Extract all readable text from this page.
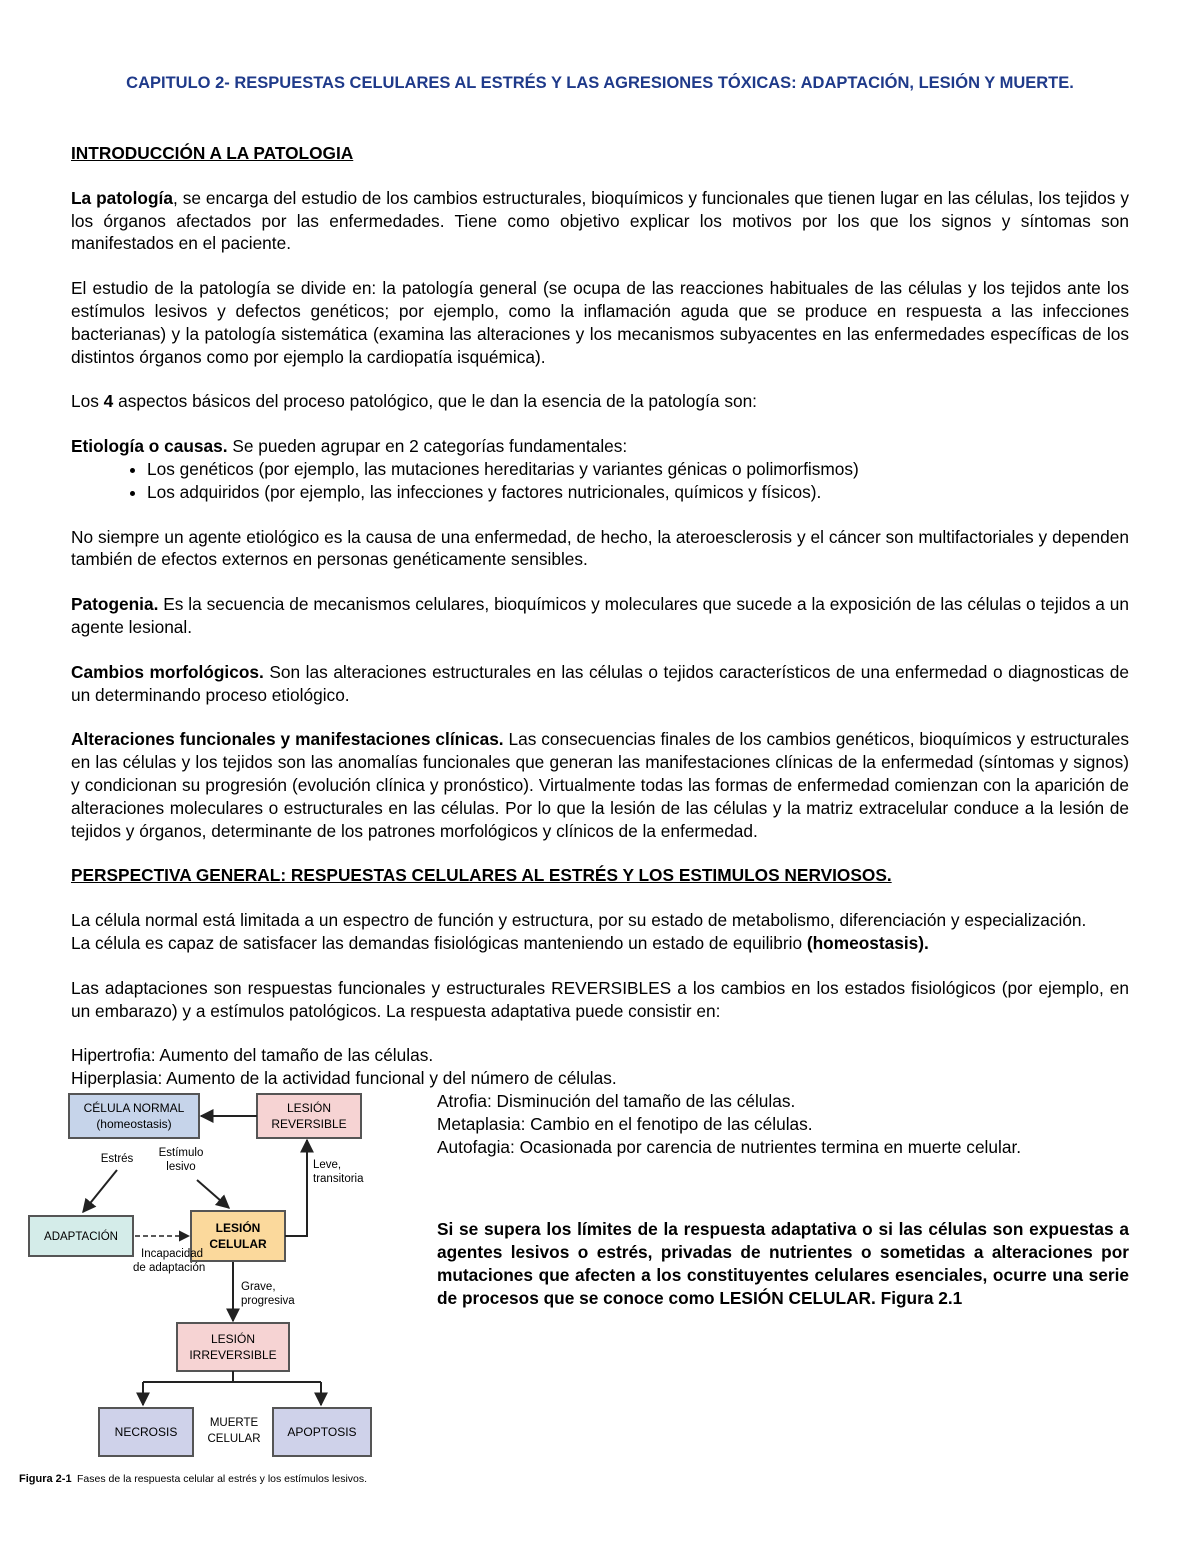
CAPITULO 2- RESPUESTAS CELULARES AL ESTRÉS Y LAS AGRESIONES TÓXICAS: ADAPTACIÓN, LESIÓN Y MUERTE.
INTRODUCCIÓN A LA PATOLOGIA

La patología, se encarga del estudio de los cambios estructurales, bioquímicos y funcionales que tienen lugar en las células, los tejidos y los órganos afectados por las enfermedades. Tiene como objetivo explicar los motivos por los que los signos y síntomas son manifestados en el paciente.

El estudio de la patología se divide en: la patología general (se ocupa de las reacciones habituales de las células y los tejidos ante los estímulos lesivos y defectos genéticos; por ejemplo, como la inflamación aguda que se produce en respuesta a las infecciones bacterianas) y la patología sistemática (examina las alteraciones y los mecanismos subyacentes en las enfermedades específicas de los distintos órganos como por ejemplo la cardiopatía isquémica).

Los 4 aspectos básicos del proceso patológico, que le dan la esencia de la patología son:

Etiología o causas. Se pueden agrupar en 2 categorías fundamentales:

• Los genéticos (por ejemplo, las mutaciones hereditarias y variantes génicas o polimorfismos)
• Los adquiridos (por ejemplo, las infecciones y factores nutricionales, químicos y físicos).

No siempre un agente etiológico es la causa de una enfermedad, de hecho, la ateroesclerosis y el cáncer son multifactoriales y dependen también de efectos externos en personas genéticamente sensibles.

Patogenia. Es la secuencia de mecanismos celulares, bioquímicos y moleculares que sucede a la exposición de las células o tejidos a un agente lesional.

Cambios morfológicos. Son las alteraciones estructurales en las células o tejidos característicos de una enfermedad o diagnosticas de un determinando proceso etiológico.

Alteraciones funcionales y manifestaciones clínicas. Las consecuencias finales de los cambios genéticos, bioquímicos y estructurales en las células y los tejidos son las anomalías funcionales que generan las manifestaciones clínicas de la enfermedad (síntomas y signos) y condicionan su progresión (evolución clínica y pronóstico). Virtualmente todas las formas de enfermedad comienzan con la aparición de alteraciones moleculares o estructurales en las células. Por lo que la lesión de las células y la matriz extracelular conduce a la lesión de tejidos y órganos, determinante de los patrones morfológicos y clínicos de la enfermedad.

PERSPECTIVA GENERAL: RESPUESTAS CELULARES AL ESTRÉS Y LOS ESTIMULOS NERVIOSOS.

La célula normal está limitada a un espectro de función y estructura, por su estado de metabolismo, diferenciación y especialización.

La célula es capaz de satisfacer las demandas fisiológicas manteniendo un estado de equilibrio (homeostasis).

Las adaptaciones son respuestas funcionales y estructurales REVERSIBLES a los cambios en los estados fisiológicos (por ejemplo, en un embarazo) y a estímulos patológicos. La respuesta adaptativa puede consistir en:

Hipertrofia: Aumento del tamaño de las células.

Hiperplasia: Aumento de la actividad funcional y del número de células.

CÉLULA NORMAL
(homeostasis)
LESIÓN
REVERSIBLE
ADAPTACIÓN
LESIÓN
CELULAR
LESIÓN
IRREVERSIBLE
NECROSIS	APOPTOSIS
MUERTE
CELULAR
Estrés Estímulo
lesivo	Leve,
transitoria
Incapacidad
de adaptación
Grave,
progresiva
Figura 2-1 Fases de la respuesta celular al estrés y los estímulos lesivos.

Atrofia: Disminución del tamaño de las células.

Metaplasia: Cambio en el fenotipo de las células.

Autofagia: Ocasionada por carencia de nutrientes termina en muerte celular.

Si se supera los límites de la respuesta adaptativa o si las células son expuestas a agentes lesivos o estrés, privadas de nutrientes o sometidas a alteraciones por mutaciones que afecten a los constituyentes celulares esenciales, ocurre una serie de procesos que se conoce como LESIÓN CELULAR. Figura 2.1
